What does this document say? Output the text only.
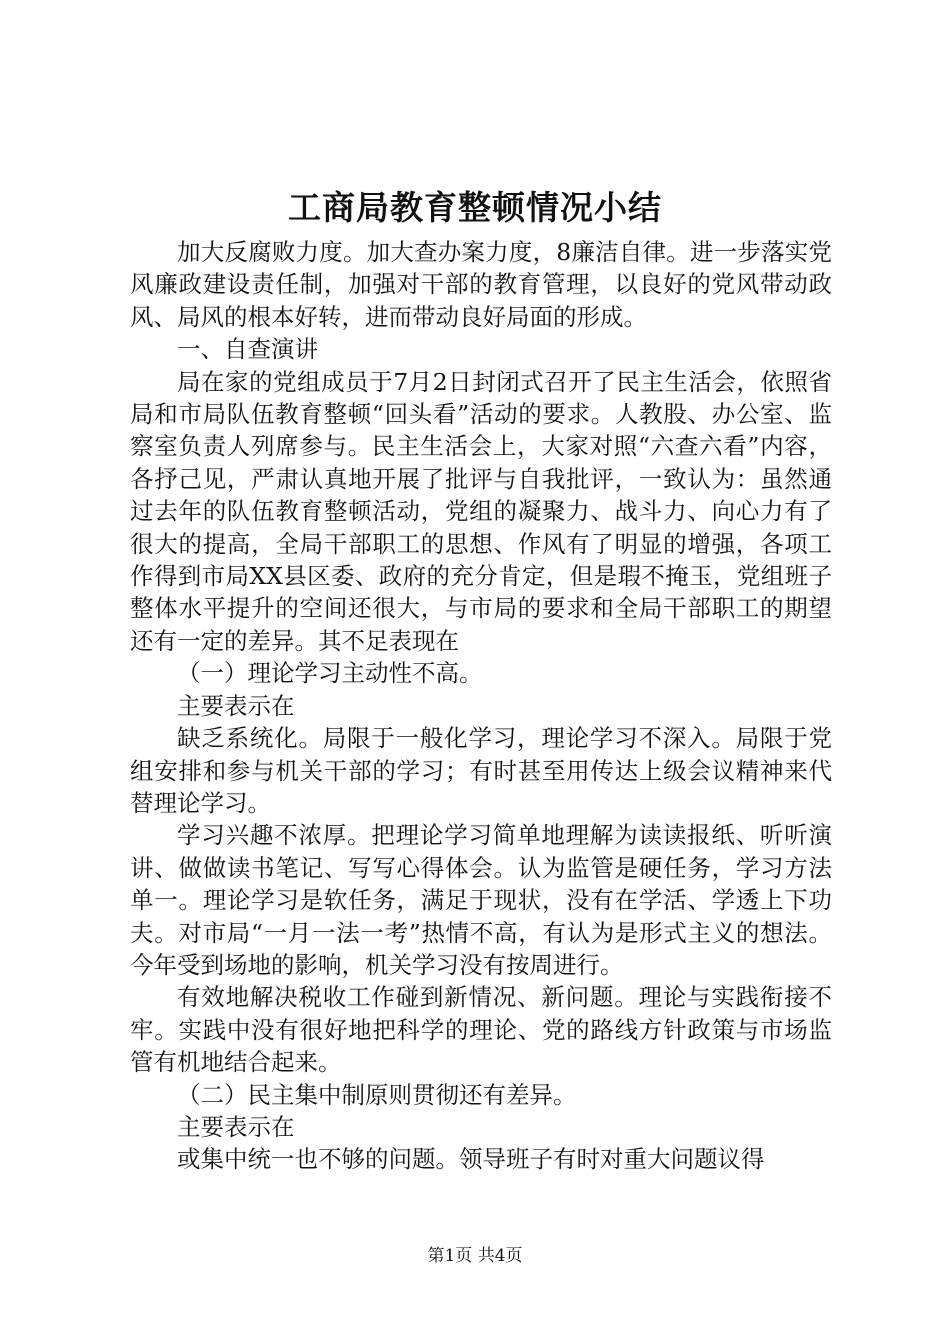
工商局教育整顿情况小结

加大反腐败力度。加大查办案力度，8廉洁自律。进一步落实党风廉政建设责任制，加强对干部的教育管理，以良好的党风带动政风、局风的根本好转，进而带动良好局面的形成。

一、自查演讲

局在家的党组成员于7月2日封闭式召开了民主生活会，依照省局和市局队伍教育整顿“回头看”活动的要求。人教股、办公室、监察室负责人列席参与。民主生活会上，大家对照“六查六看”内容，各抒己见，严肃认真地开展了批评与自我批评，一致认为：虽然通过去年的队伍教育整顿活动，党组的凝聚力、战斗力、向心力有了很大的提高，全局干部职工的思想、作风有了明显的增强，各项工作得到市局XX县区委、政府的充分肯定，但是瑕不掩玉，党组班子整体水平提升的空间还很大，与市局的要求和全局干部职工的期望还有一定的差异。其不足表现在

（一）理论学习主动性不高。

主要表示在

缺乏系统化。局限于一般化学习，理论学习不深入。局限于党组安排和参与机关干部的学习；有时甚至用传达上级会议精神来代替理论学习。

学习兴趣不浓厚。把理论学习简单地理解为读读报纸、听听演讲、做做读书笔记、写写心得体会。认为监管是硬任务，学习方法单一。理论学习是软任务，满足于现状，没有在学活、学透上下功夫。对市局“一月一法一考”热情不高，有认为是形式主义的想法。今年受到场地的影响，机关学习没有按周进行。

有效地解决税收工作碰到新情况、新问题。理论与实践衔接不牢。实践中没有很好地把科学的理论、党的路线方针政策与市场监管有机地结合起来。

（二）民主集中制原则贯彻还有差异。

主要表示在

或集中统一也不够的问题。领导班子有时对重大问题议得

第1页 共4页
